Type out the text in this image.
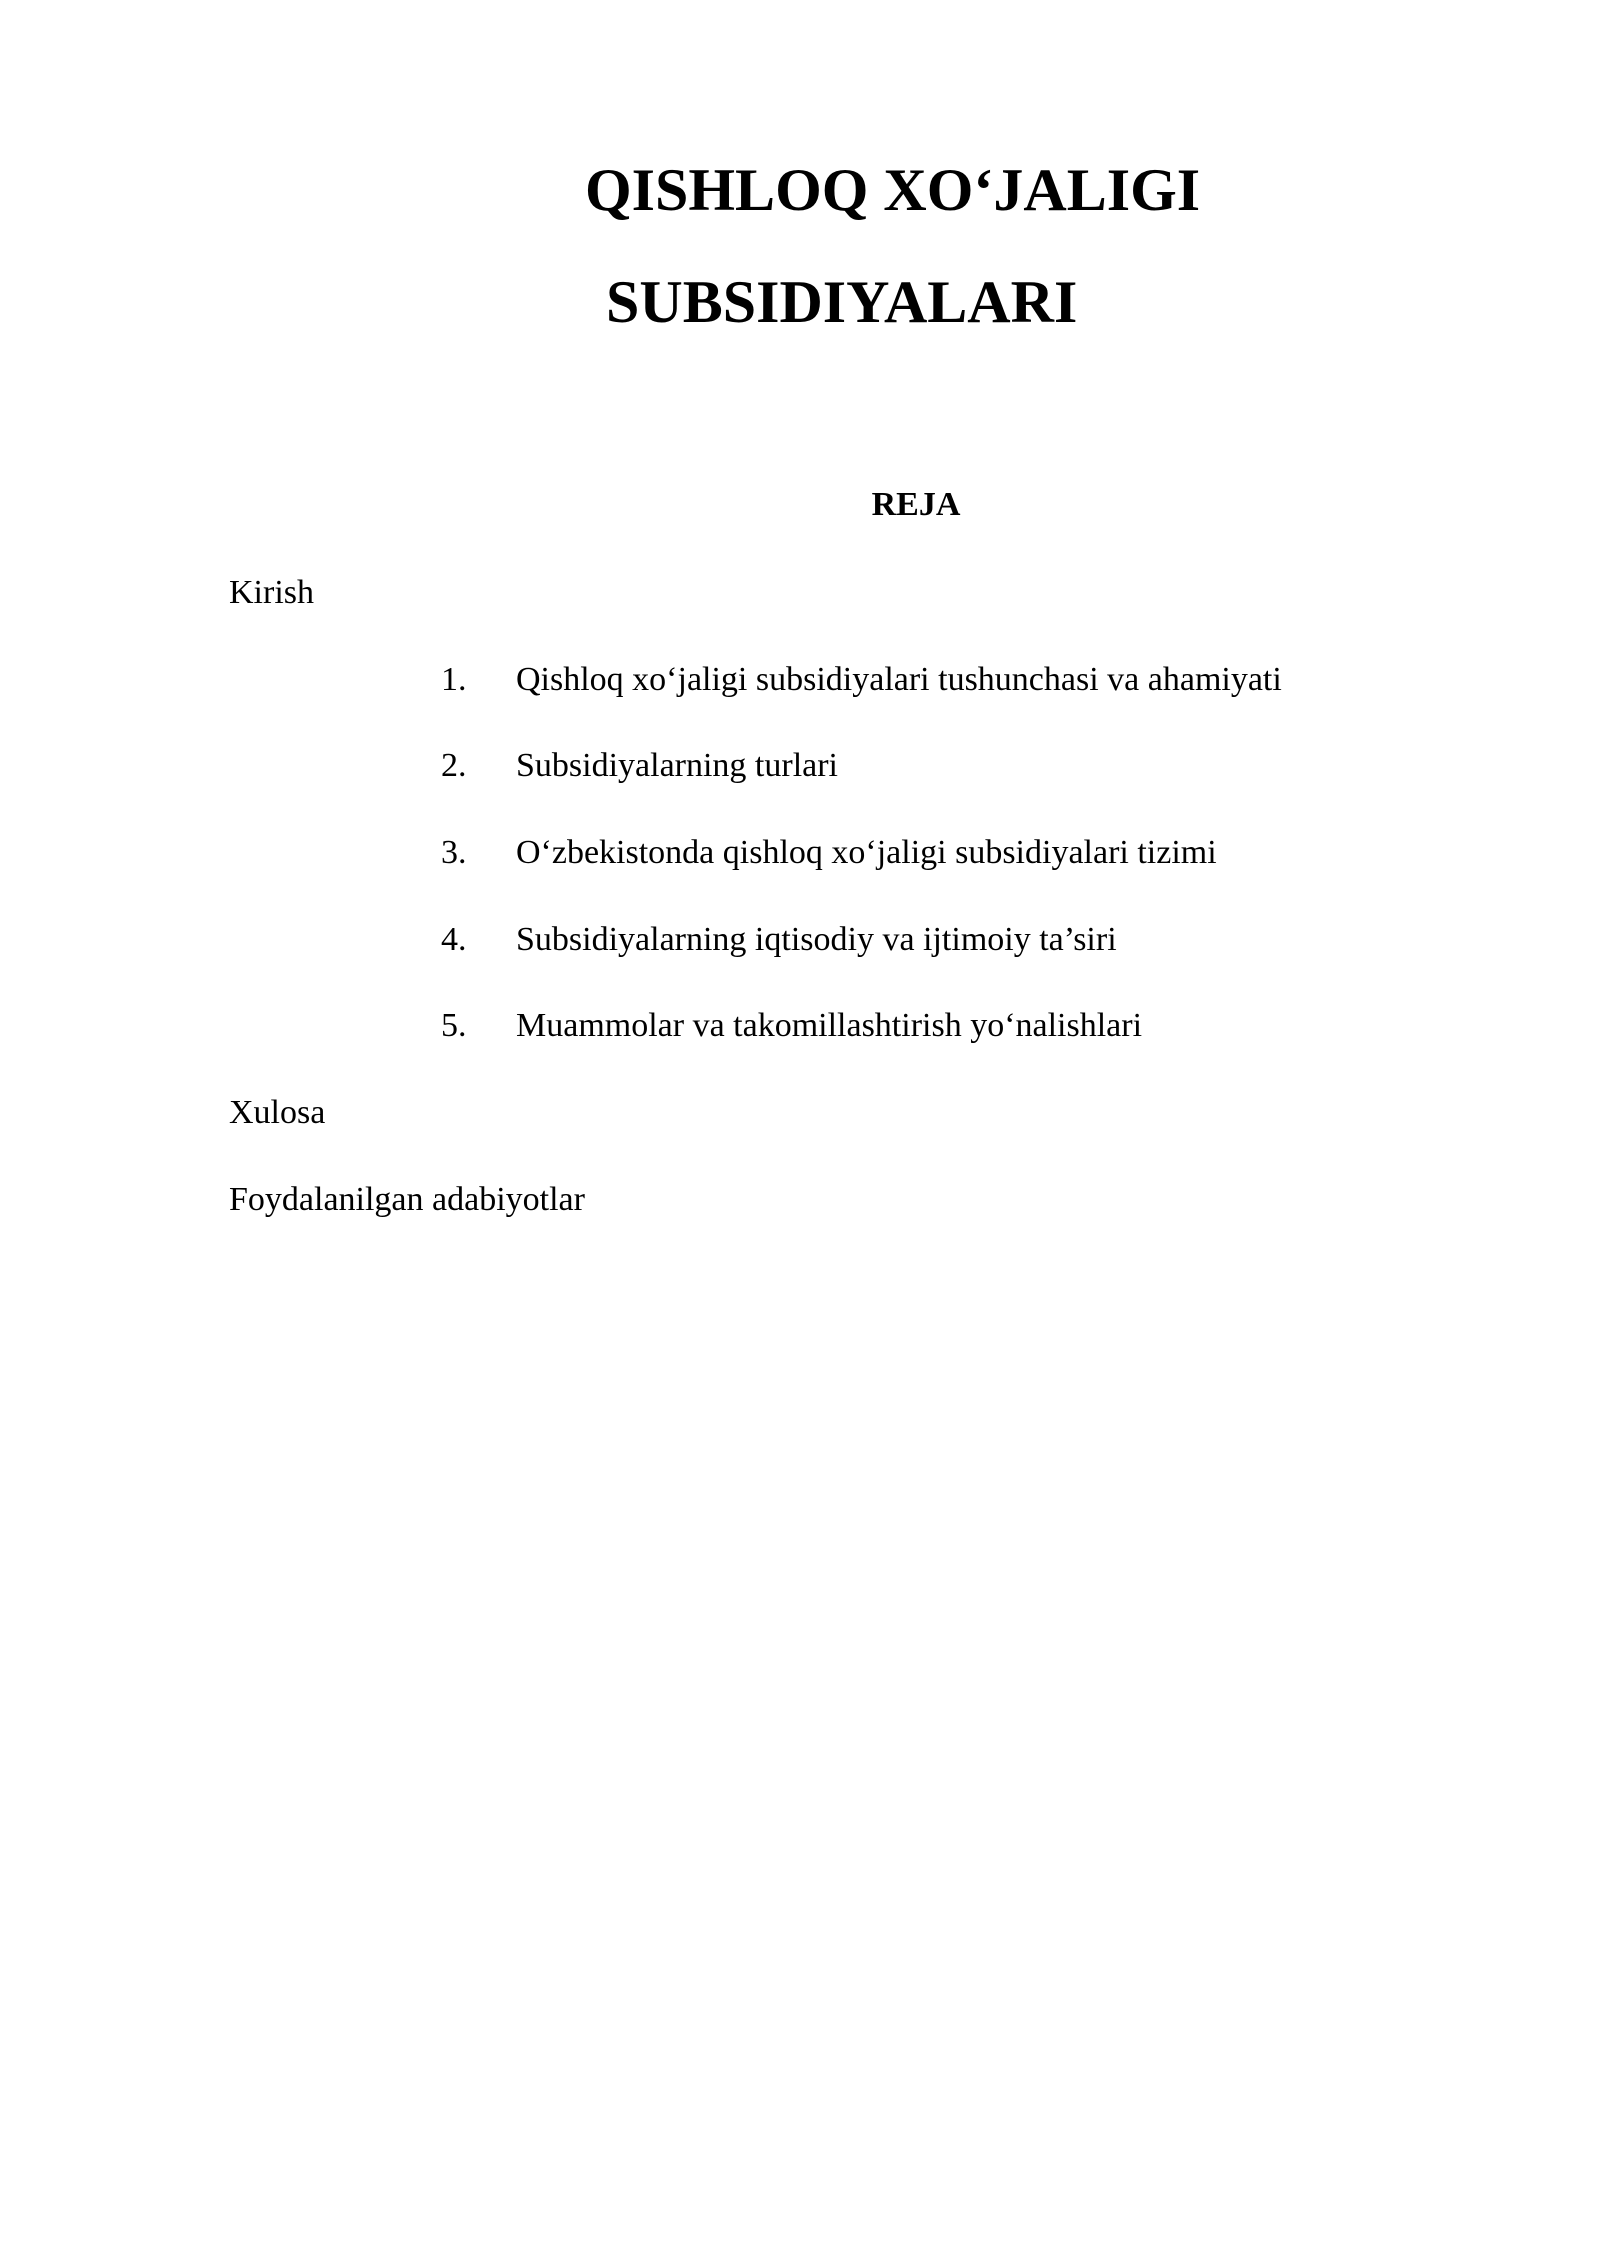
QISHLOQ XO‘JALIGI
SUBSIDIYALARI
REJA
Kirish
1. Qishloq xo‘jaligi subsidiyalari tushunchasi va ahamiyati
2. Subsidiyalarning turlari
3. O‘zbekistonda qishloq xo‘jaligi subsidiyalari tizimi
4. Subsidiyalarning iqtisodiy va ijtimoiy ta’siri
5. Muammolar va takomillashtirish yo‘nalishlari
Xulosa
Foydalanilgan adabiyotlar
